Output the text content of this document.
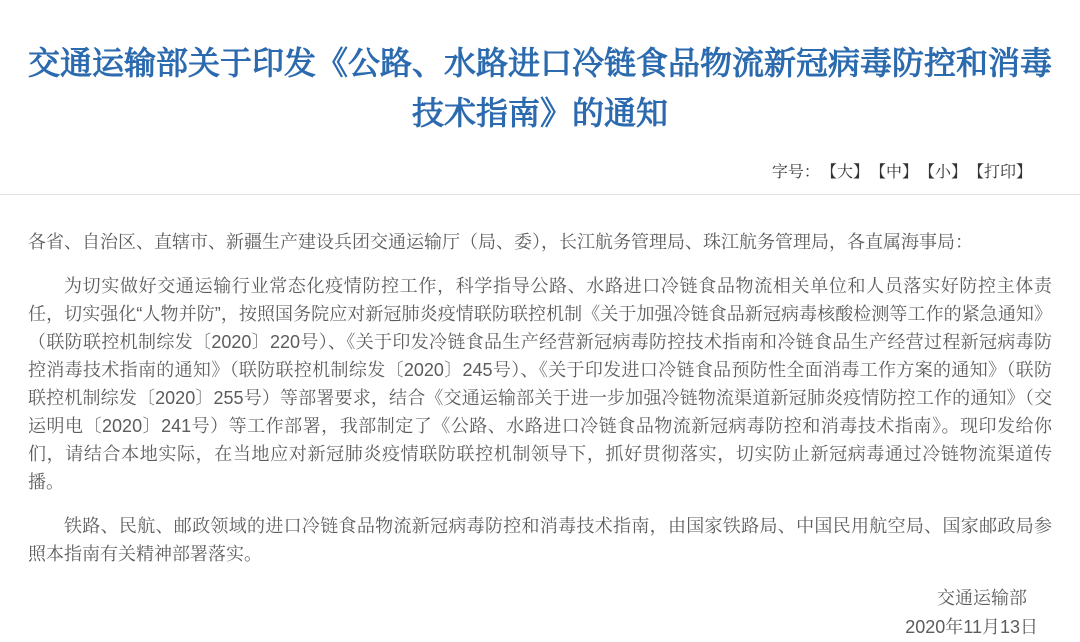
交通运输部关于印发《公路、水路进口冷链食品物流新冠病毒防控和消毒技术指南》的通知
字号： 【大】 【中】 【小】 【打印】

各省、自治区、直辖市、新疆生产建设兵团交通运输厅（局、委），长江航务管理局、珠江航务管理局，各直属海事局：

为切实做好交通运输行业常态化疫情防控工作，科学指导公路、水路进口冷链食品物流相关单位和人员落实好防控主体责任，切实强化“人物并防”，按照国务院应对新冠肺炎疫情联防联控机制《关于加强冷链食品新冠病毒核酸检测等工作的紧急通知》（联防联控机制综发〔2020〕220号）、《关于印发冷链食品生产经营新冠病毒防控技术指南和冷链食品生产经营过程新冠病毒防控消毒技术指南的通知》（联防联控机制综发〔2020〕245号）、《关于印发进口冷链食品预防性全面消毒工作方案的通知》（联防联控机制综发〔2020〕255号）等部署要求，结合《交通运输部关于进一步加强冷链物流渠道新冠肺炎疫情防控工作的通知》（交运明电〔2020〕241号）等工作部署，我部制定了《公路、水路进口冷链食品物流新冠病毒防控和消毒技术指南》。现印发给你们，请结合本地实际，在当地应对新冠肺炎疫情联防联控机制领导下，抓好贯彻落实，切实防止新冠病毒通过冷链物流渠道传播。

铁路、民航、邮政领域的进口冷链食品物流新冠病毒防控和消毒技术指南，由国家铁路局、中国民用航空局、国家邮政局参照本指南有关精神部署落实。

交通运输部

2020年11月13日
